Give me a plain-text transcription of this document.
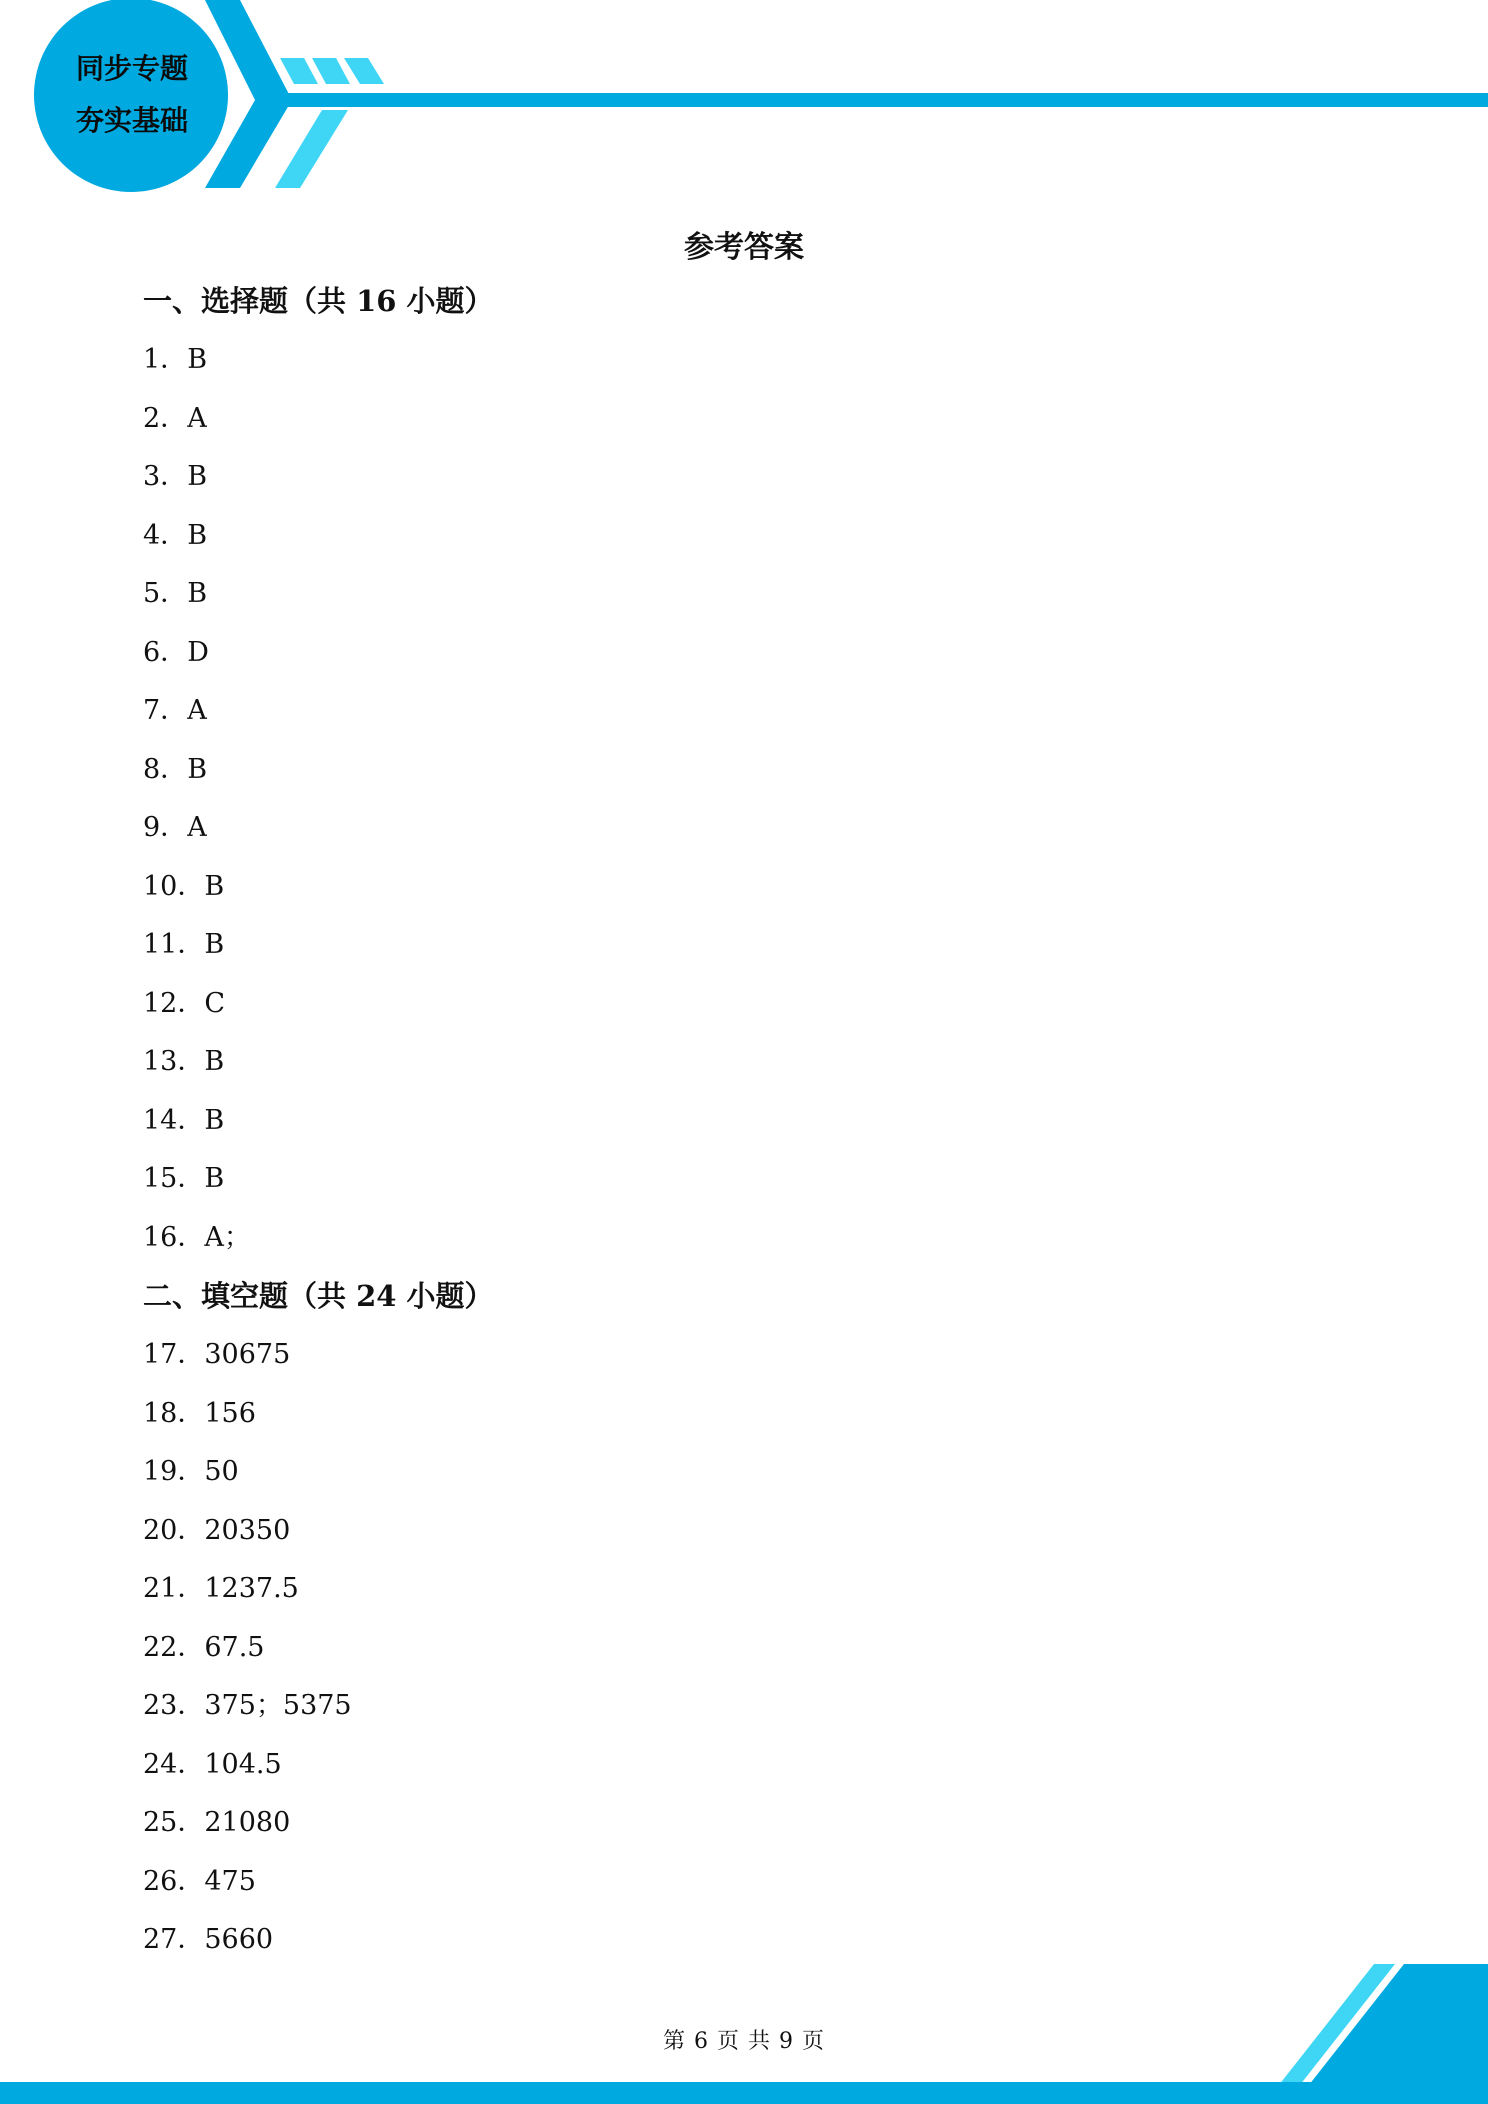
同步专题
夯实基础
参考答案
一、选择题（共 16 小题）
1．B
2．A
3．B
4．B
5．B
6．D
7．A
8．B
9．A
10．B
11．B
12．C
13．B
14．B
15．B
16．A；
二、填空题（共 24 小题）
17．30675
18．156
19．50
20．20350
21．1237.5
22．67.5
23．375；5375
24．104.5
25．21080
26．475
27．5660
第 6 页 共 9 页
